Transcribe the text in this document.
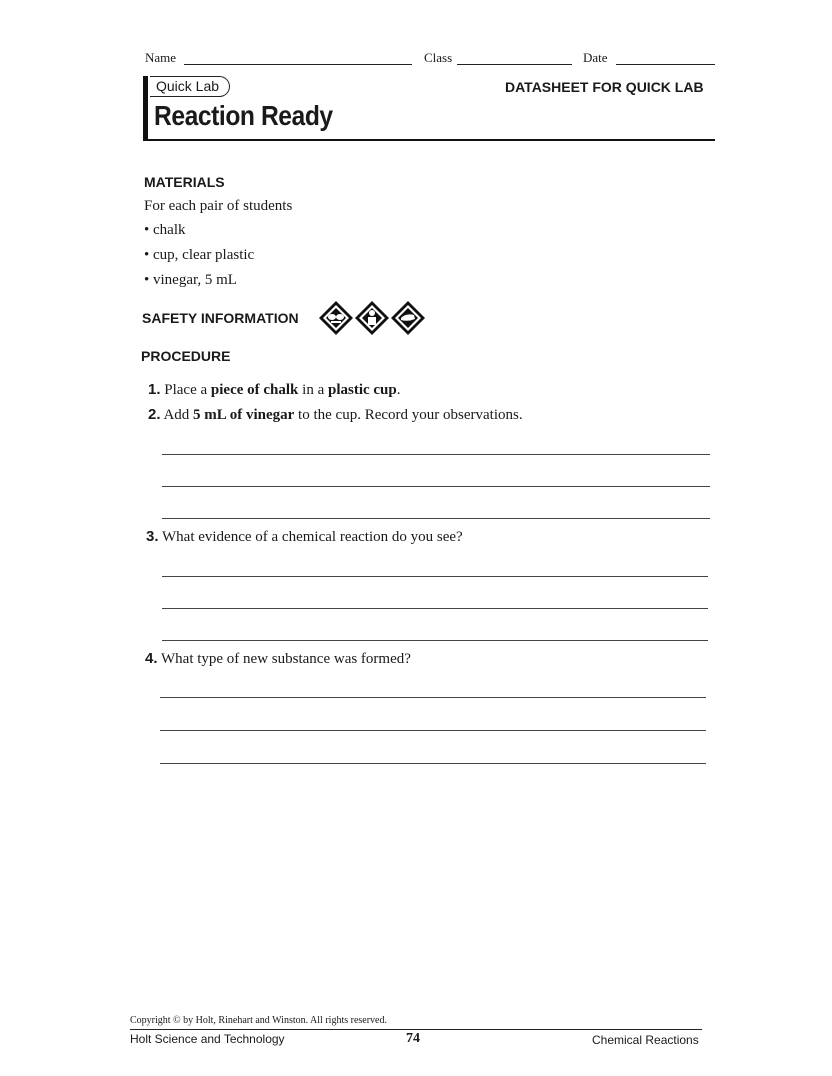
Name	Class	Date
Quick Lab	DATASHEET FOR QUICK LAB
Reaction Ready
MATERIALS
For each pair of students
• chalk
• cup, clear plastic
• vinegar, 5 mL
SAFETY INFORMATION
PROCEDURE
1. Place a piece of chalk in a plastic cup.
2. Add 5 mL of vinegar to the cup. Record your observations.
3. What evidence of a chemical reaction do you see?
4. What type of new substance was formed?
Copyright © by Holt, Rinehart and Winston. All rights reserved.
Holt Science and Technology	74	Chemical Reactions
